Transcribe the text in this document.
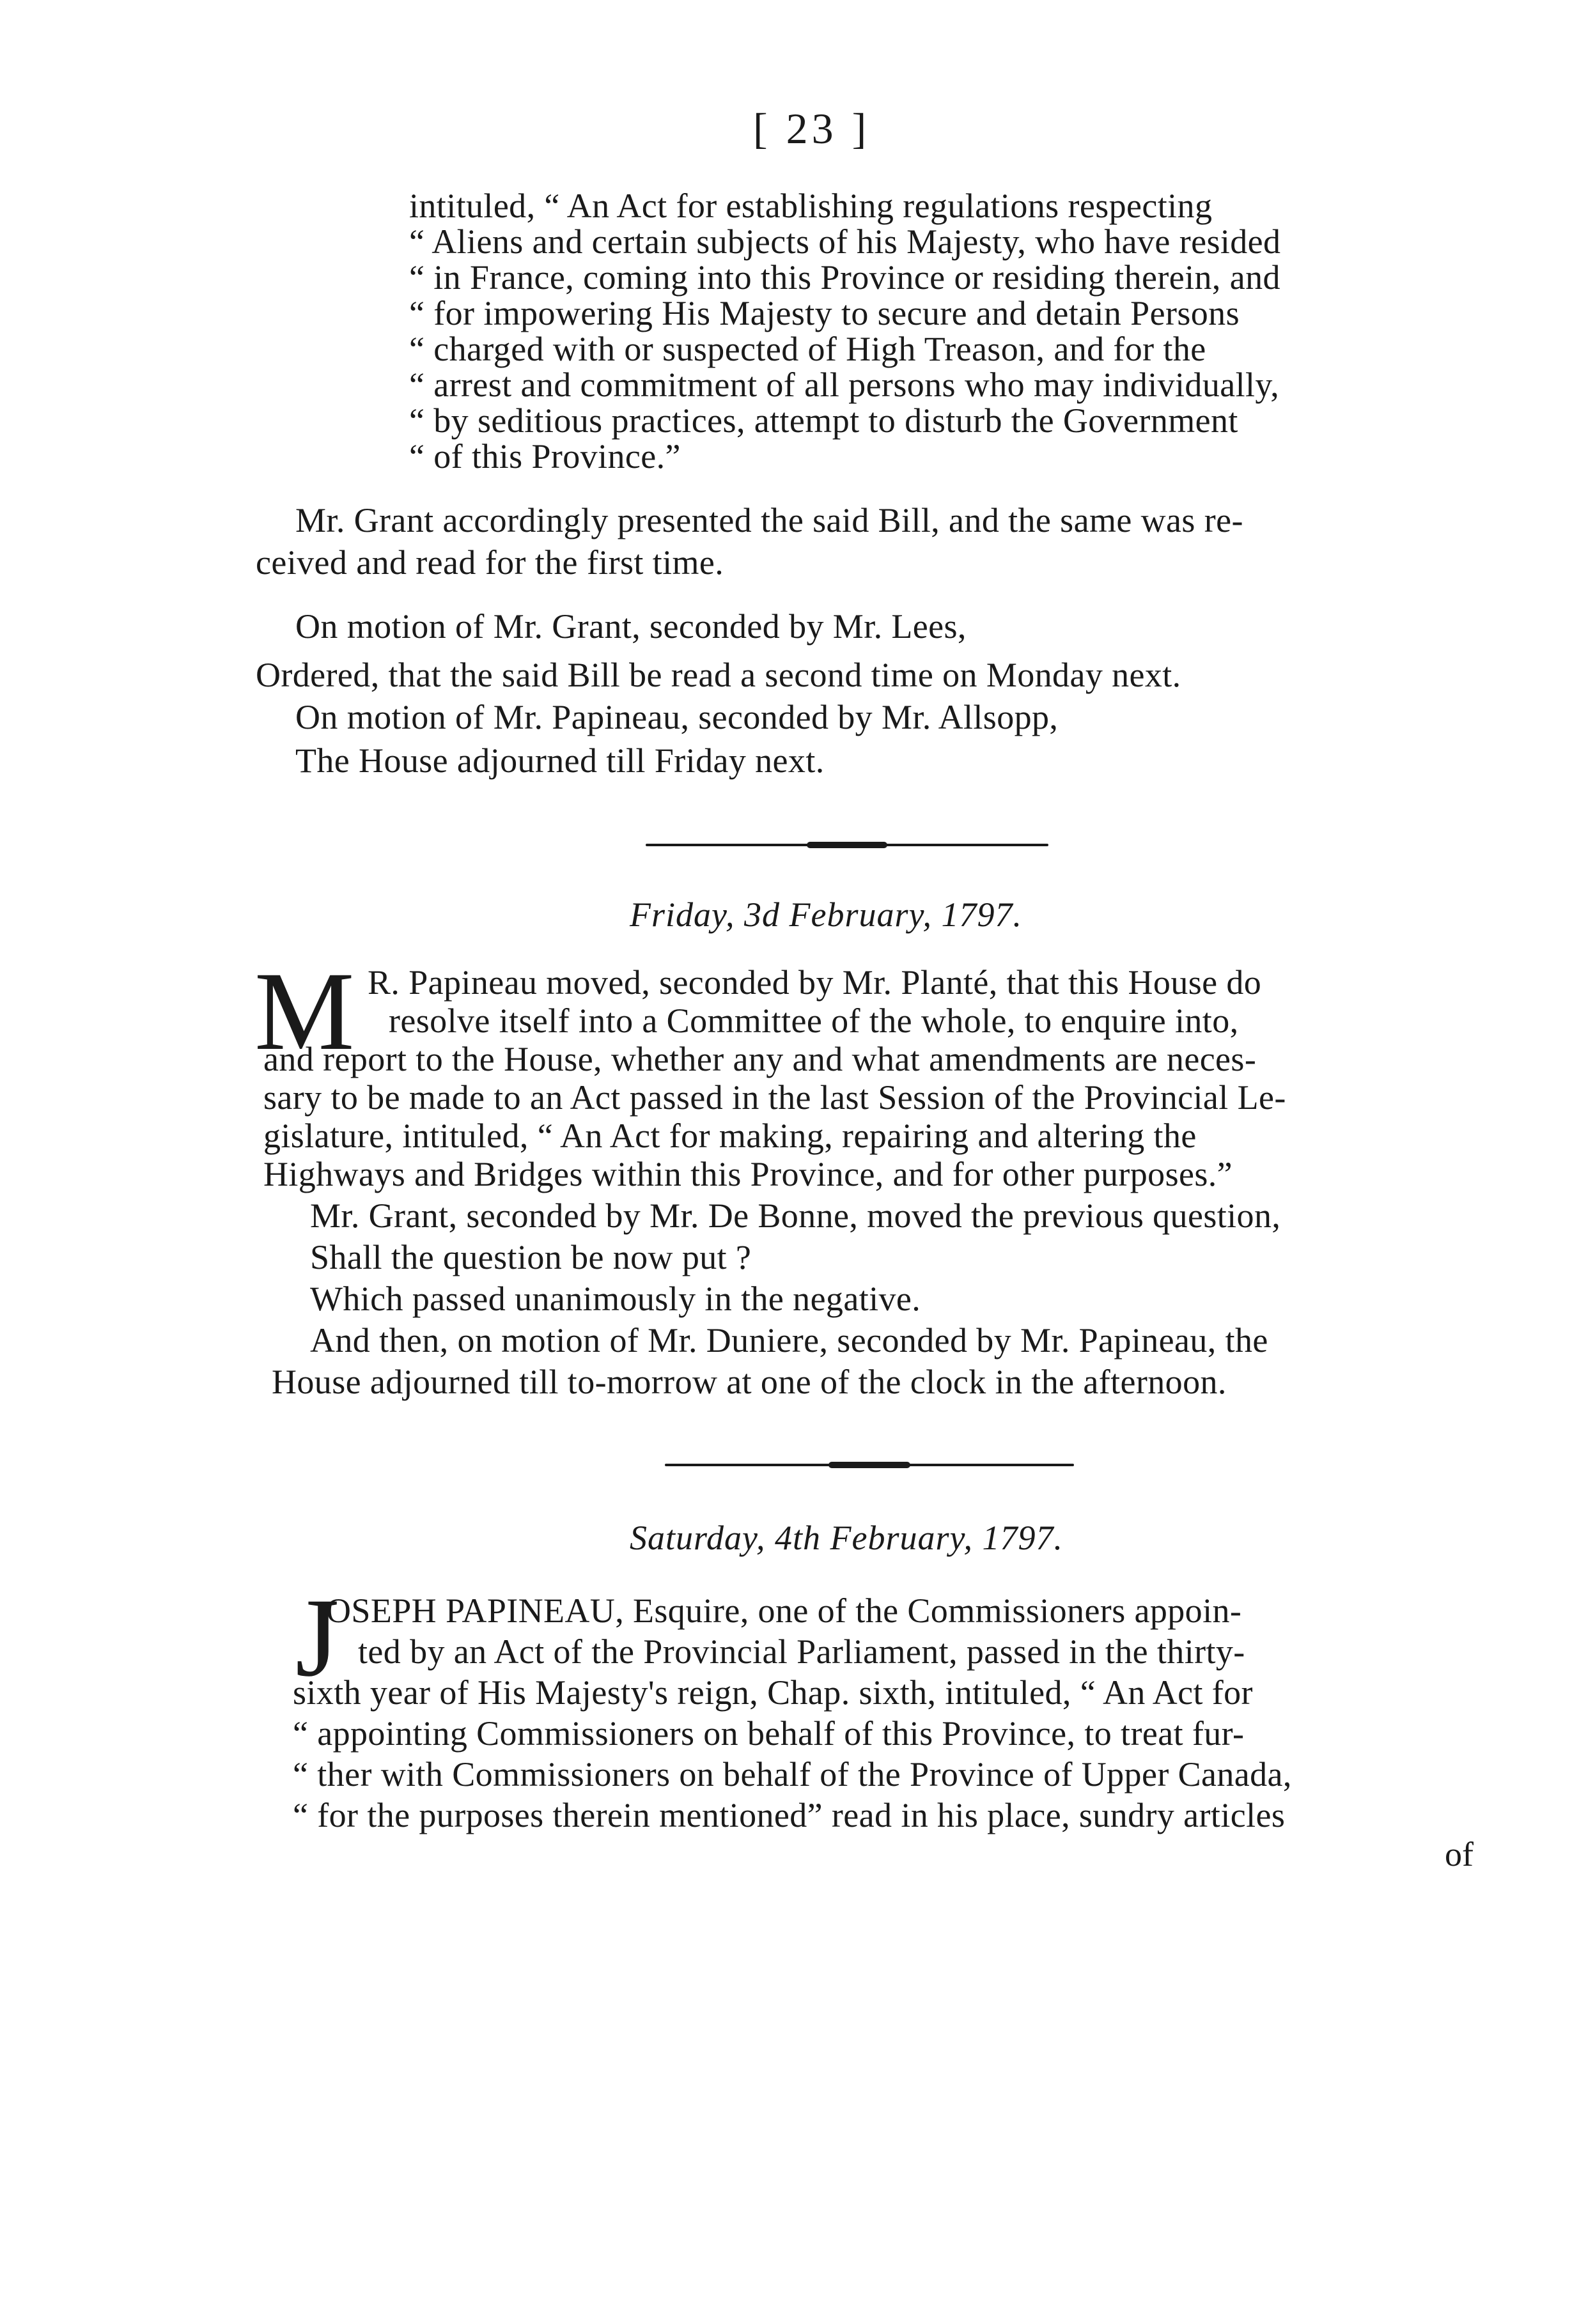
[ 23 ]
intituled, “ An Act for establishing regulations respecting
“ Aliens and certain subjects of his Majesty, who have resided
“ in France, coming into this Province or residing therein, and
“ for impowering His Majesty to secure and detain Persons
“ charged with or suspected of High Treason, and for the
“ arrest and commitment of all persons who may individually,
“ by seditious practices, attempt to disturb the Government
“ of this Province.”
Mr. Grant accordingly presented the said Bill, and the same was re-
ceived and read for the first time.
On motion of Mr. Grant, seconded by Mr. Lees,
Ordered, that the said Bill be read a second time on Monday next.
On motion of Mr. Papineau, seconded by Mr. Allsopp,
The House adjourned till Friday next.
Friday, 3d February, 1797.
M R. Papineau moved, seconded by Mr. Planté, that this House do
resolve itself into a Committee of the whole, to enquire into,
and report to the House, whether any and what amendments are neces-
sary to be made to an Act passed in the last Session of the Provincial Le-
gislature, intituled, “ An Act for making, repairing and altering the
Highways and Bridges within this Province, and for other purposes.”
Mr. Grant, seconded by Mr. De Bonne, moved the previous question,
Shall the question be now put ?
Which passed unanimously in the negative.
And then, on motion of Mr. Duniere, seconded by Mr. Papineau, the
House adjourned till to-morrow at one of the clock in the afternoon.
Saturday, 4th February, 1797.
J
OSEPH PAPINEAU, Esquire, one of the Commissioners appoin-
ted by an Act of the Provincial Parliament, passed in the thirty-
sixth year of His Majesty's reign, Chap. sixth, intituled, “ An Act for
“ appointing Commissioners on behalf of this Province, to treat fur-
“ ther with Commissioners on behalf of the Province of Upper Canada,
“ for the purposes therein mentioned” read in his place, sundry articles
of
